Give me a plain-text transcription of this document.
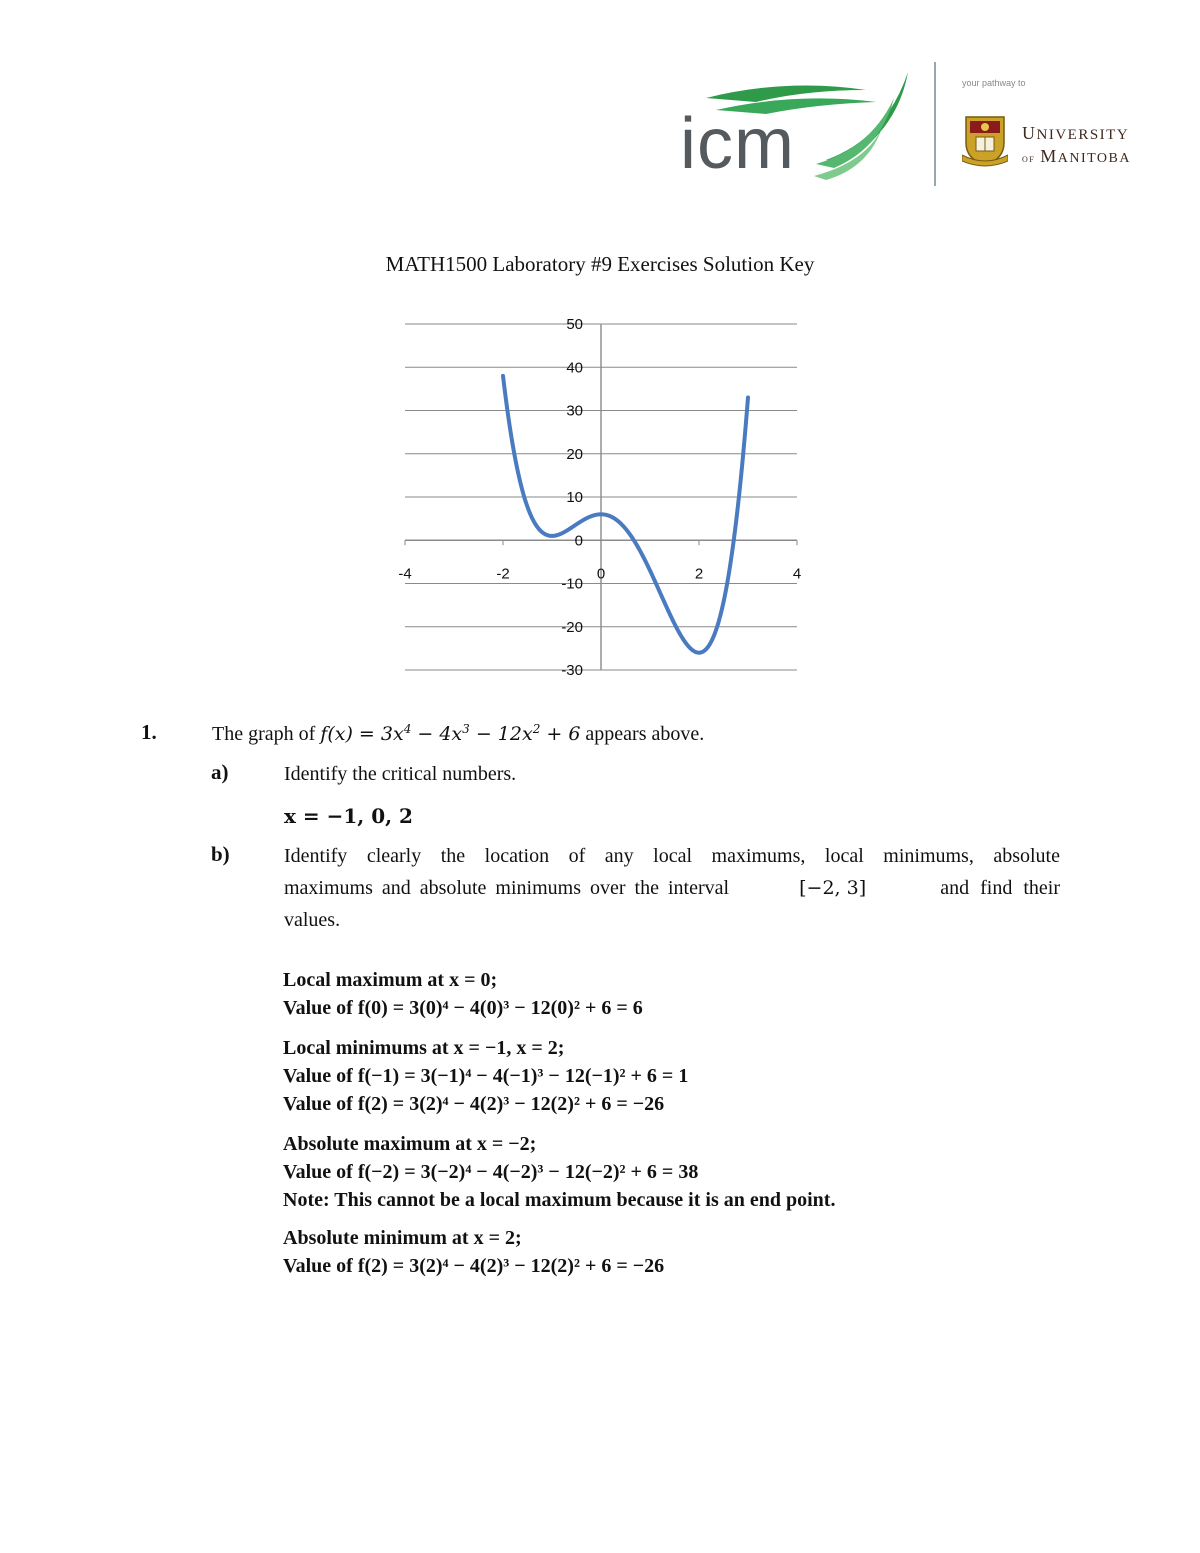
icm
your pathway to
UNIVERSITY
of MANITOBA
MATH1500 Laboratory #9 Exercises Solution Key
50
40
30
20
10
0
-10
-20
-30
-4	-2	0	2	4
1.	The graph of $f(x) = 3x^4 - 4x^3 - 12x^2 + 6$ appears above.
a)	Identify the critical numbers.
x = −1, 0, 2
b)	Identify clearly the location of any local maximums, local minimums, absolute
maximums and absolute minimums over the interval	[−2, 3]	and find their
values.
Local maximum at x = 0;
Value of f(0) = 3(0)⁴ − 4(0)³ − 12(0)² + 6 = 6
Local minimums at x = −1, x = 2;
Value of f(−1) = 3(−1)⁴ − 4(−1)³ − 12(−1)² + 6 = 1
Value of f(2) = 3(2)⁴ − 4(2)³ − 12(2)² + 6 = −26
Absolute maximum at x = −2;
Value of f(−2) = 3(−2)⁴ − 4(−2)³ − 12(−2)² + 6 = 38
Note: This cannot be a local maximum because it is an end point.
Absolute minimum at x = 2;
Value of f(2) = 3(2)⁴ − 4(2)³ − 12(2)² + 6 = −26
